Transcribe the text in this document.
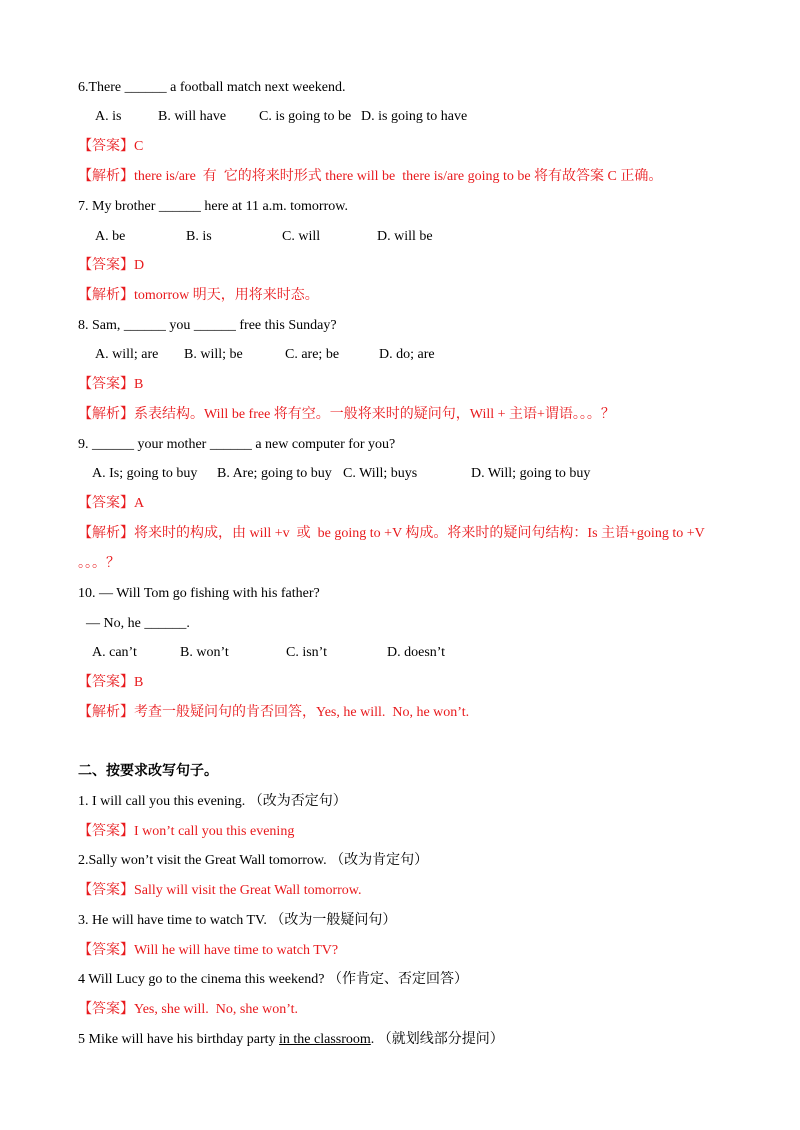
6.There ______ a football match next weekend.

A. is

	B. will have

C. is going to be

D. is going to have

【答案】C
【解析】there is/are  有  它的将来时形式 there will be  there is/are going to be 将有故答案 C 正确。
7. My brother ______ here at 11 a.m. tomorrow.

A. be

	B. is

	C. will

	D. will be

【答案】D
【解析】tomorrow 明天，用将来时态。
8. Sam, ______ you ______ free this Sunday?

A. will; are

B. will; be

	C. are; be

	D. do; are

【答案】B
【解析】系表结构。Will be free 将有空。一般将来时的疑问句，Will + 主语+谓语。。。？
9. ______ your mother ______ a new computer for you?

A. Is; going to buy

B. Are; going to buy

C. Will; buys

	D. Will; going to buy

【答案】A
【解析】将来时的构成，由 will +v  或  be going to +V 构成。将来时的疑问句结构：Is 主语+going to +V
。。。？
10. — Will Tom go fishing with his father?
— No, he ______.

A. can’t

	B. won’t

	C. isn’t

	D. doesn’t

【答案】B
【解析】考查一般疑问句的肯否回答，Yes, he will.  No, he won’t.
二、按要求改写句子。
1. I will call you this evening. （改为否定句）
【答案】I won’t call you this evening
2.Sally won’t visit the Great Wall tomorrow. （改为肯定句）
【答案】Sally will visit the Great Wall tomorrow.
3. He will have time to watch TV. （改为一般疑问句）
【答案】Will he will have time to watch TV?
4 Will Lucy go to the cinema this weekend? （作肯定、否定回答）
【答案】Yes, she will.  No, she won’t.
5 Mike will have his birthday party in the classroom. （就划线部分提问）
